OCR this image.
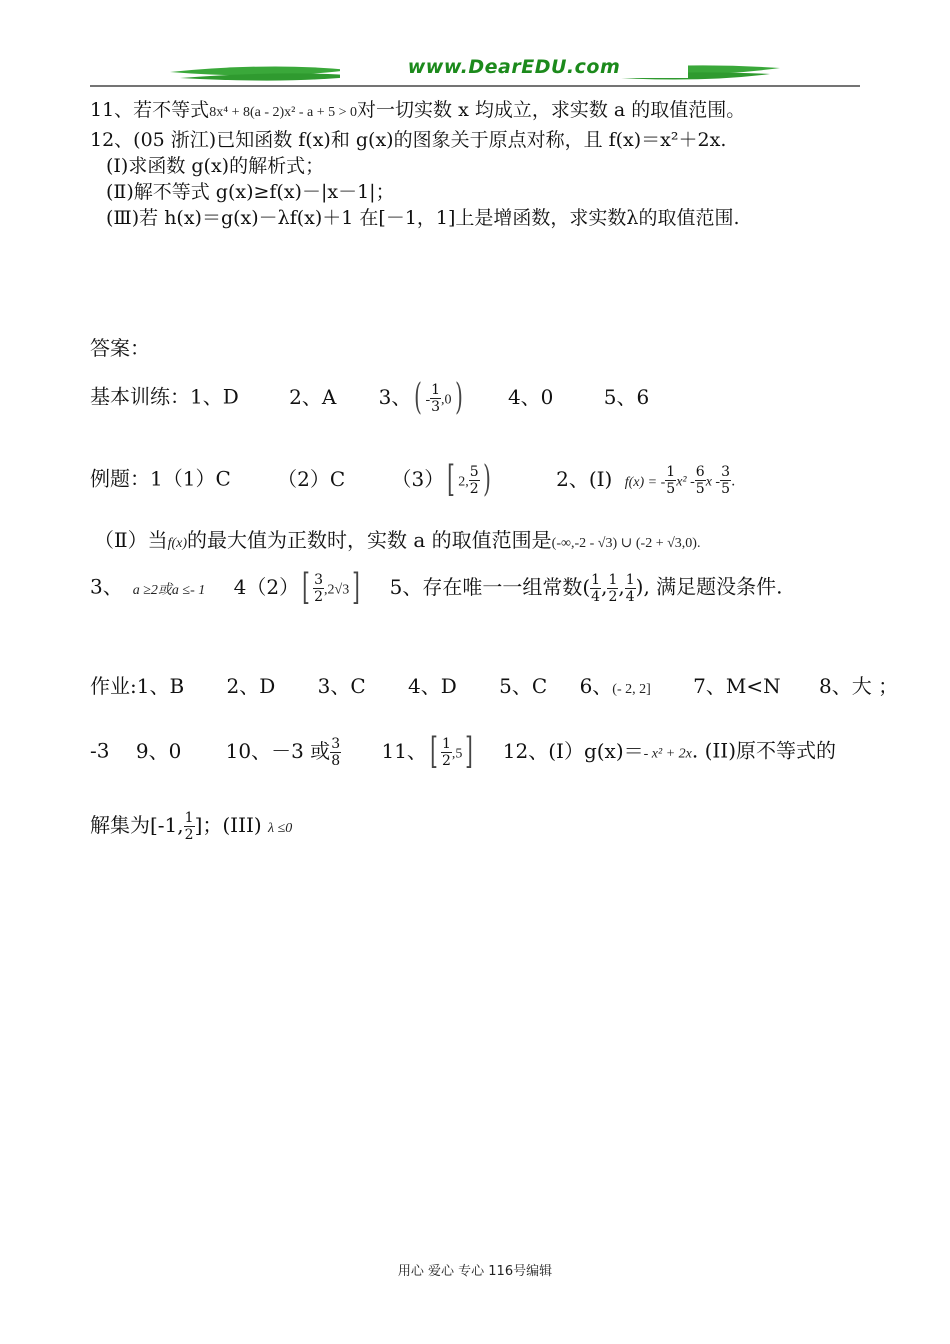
www.DearEDU.com
11、若不等式8x⁴ + 8(a - 2)x² - a + 5 > 0对一切实数 x 均成立，求实数 a 的取值范围。
12、(05 浙江)已知函数 f(x)和 g(x)的图象关于原点对称，且 f(x)＝x²＋2x.
(Ⅰ)求函数 g(x)的解析式；
(Ⅱ)解不等式 g(x)≥f(x)－|x－1|；
(Ⅲ)若 h(x)＝g(x)－λf(x)＋1 在[－1，1]上是增函数，求实数λ的取值范围.
答案：
基本训练：1、D	2、A 3、( - $\frac{1}{3} ,0$) 4、0	5、6
例题：1（1）C （2）C （3）[ 2, $\frac{5}{2}$ )	2、(Ⅰ) f(x) = - $\frac{1}{5} x^2 - \frac{6}{5}$ x - $\frac{3}{5}$ .
（Ⅱ）当f(x)的最大值为正数时，实数 a 的取值范围是(-∞,-2 - √3) ∪ (-2 + √3,0).
3、 a ≥2或a ≤- 1 $4(2)[ \frac{3}{2} ,2√3]$ 5、存在唯一一组常数( $\frac{1}{4}$ , $\frac{1}{2}$ , $\frac{1}{4}$ ), 满足题没条件.
作业:1、B 2、D 3、C 4、D 5、C 6、(- 2, 2] 7、M<N 8、大 ；
-3 9、0 10、－3 或 $\frac{3}{8} 11$、[ $\frac{1}{2} ,5$] 12、(I）g(x)＝- x² + 2x. (II)原不等式的
解集为[-1, $\frac{1}{2}$ ]；(III) λ ≤0
用心 爱心 专心 116号编辑
